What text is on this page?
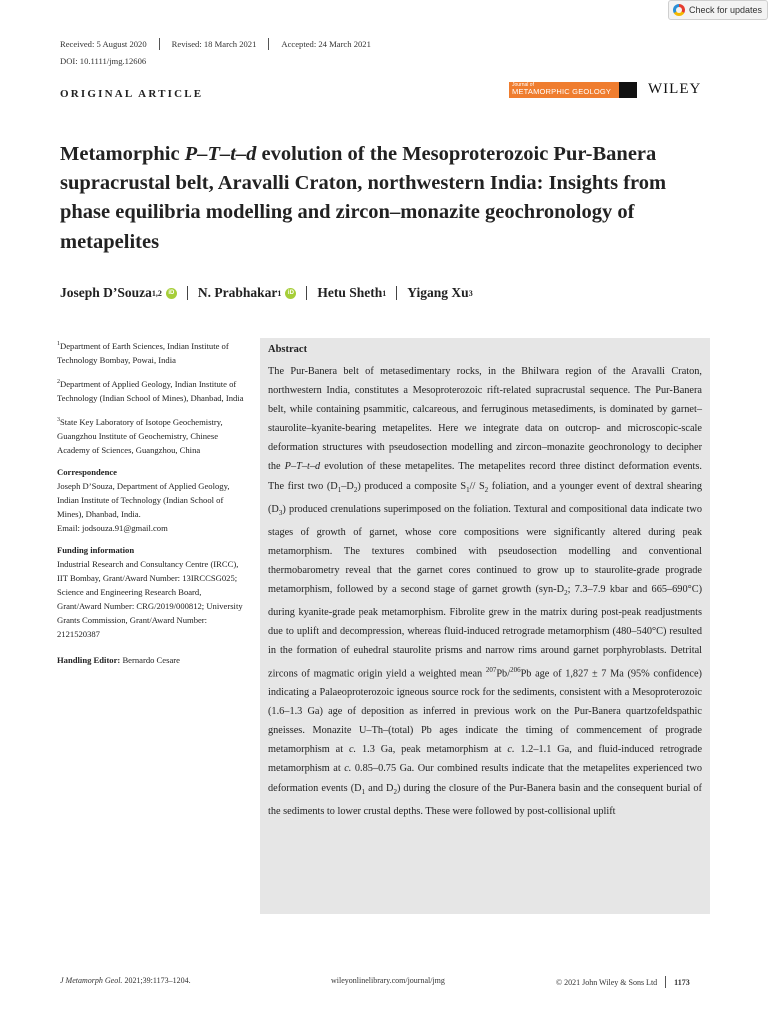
Check for updates
Received: 5 August 2020	Revised: 18 March 2021	Accepted: 24 March 2021
DOI: 10.1111/jmg.12606
ORIGINAL ARTICLE
Journal of
METAMORPHIC GEOLOGY	WILEY
Metamorphic P–T–t–d evolution of the Mesoproterozoic Pur-Banera supracrustal belt, Aravalli Craton, northwestern India: Insights from phase equilibria modelling and zircon–monazite geochronology of metapelites
Joseph D’Souza 1,2	iD N. Prabhakar 1	iD Hetu Sheth 1 Yigang Xu 3

$^1$Department of Earth Sciences, Indian Institute of Technology Bombay, Powai, India

$^2$Department of Applied Geology, Indian Institute of Technology (Indian School of Mines), Dhanbad, India

$^3$State Key Laboratory of Isotope Geochemistry, Guangzhou Institute of Geochemistry, Chinese Academy of Sciences, Guangzhou, China

Correspondence

Joseph D’Souza, Department of Applied Geology, Indian Institute of Technology (Indian School of Mines), Dhanbad, India.
Email: jodsouza.91@gmail.com

Funding information

Industrial Research and Consultancy Centre (IRCC), IIT Bombay, Grant/Award Number: 13IRCCSG025; Science and Engineering Research Board, Grant/Award Number: CRG/2019/000812; University Grants Commission, Grant/Award Number: 2121520387

Handling Editor: Bernardo Cesare

Abstract
The Pur-Banera belt of metasedimentary rocks, in the Bhilwara region of the Aravalli Craton, northwestern India, constitutes a Mesoproterozoic rift-related supracrustal sequence. The Pur-Banera belt, while containing psammitic, calcareous, and ferruginous metasediments, is dominated by garnet–staurolite–kyanite-bearing metapelites. Here we integrate data on outcrop- and microscopic-scale deformation structures with pseudosection modelling and zircon–monazite geochronology to decipher the P–T–t–d evolution of these metapelites. The metapelites record three distinct deformation events. The first two $(D_1-D_2)$ produced a composite $S_1//$ $S_2$ foliation, and a younger event of dextral shearing $(D_3)$ produced crenulations superimposed on the foliation. Textural and compositional data indicate two stages of growth of garnet, whose core compositions were significantly altered during peak metamorphism. The textures combined with pseudosection modelling and conventional thermobarometry reveal that the garnet cores continued to grow up to staurolite-grade prograde metamorphism, followed by a second stage of garnet growth ($syn-D_2$; 7.3–7.9 kbar and 665–690°C) during kyanite-grade peak metamorphism. Fibrolite grew in the matrix during post-peak readjustments due to uplift and decompression, whereas fluid-induced retrograde metamorphism (480–540°C) resulted in the formation of euhedral staurolite prisms and narrow rims around garnet porphyroblasts. Detrital zircons of magmatic origin yield a weighted mean $^{207}$Pb/$^{206}$Pb age of 1,827 ± 7 Ma (95% confidence) indicating a Palaeoproterozoic igneous source rock for the sediments, consistent with a Mesoproterozoic (1.6–1.3 Ga) age of deposition as inferred in previous work on the Pur-Banera quartzofeldspathic gneisses. Monazite U–Th–(total) Pb ages indicate the timing of commencement of prograde metamorphism at c. 1.3 Ga, peak metamorphism at c. 1.2–1.1 Ga, and fluid-induced retrograde metamorphism at c. 0.85–0.75 Ga. Our combined results indicate that the metapelites experienced two deformation events ($D_1$ and $D_2$) during the closure of the Pur-Banera basin and the consequent burial of the sediments to lower crustal depths. These were followed by post-collisional uplift
J Metamorph Geol. 2021;39:1173–1204.	wileyonlinelibrary.com/journal/jmg	© 2021 John Wiley & Sons Ltd 1173
